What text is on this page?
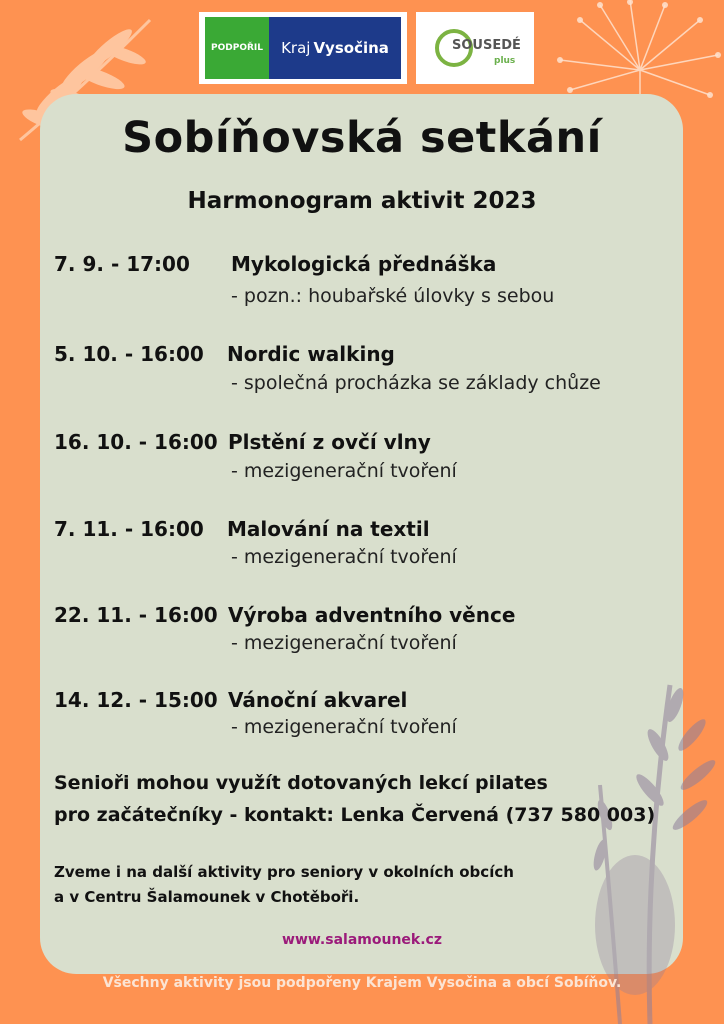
PODPOŘIL	Kraj Vysočina	SOUSEDÉ
plus
Sobíňovská setkání
Harmonogram aktivit 2023
7. 9. - 17:00 Mykologická přednáška
- pozn.: houbařské úlovky s sebou
5. 10. - 16:00 Nordic walking
- společná procházka se základy chůze
16. 10. - 16:00 Plstění z ovčí vlny
- mezigenerační tvoření
7. 11. - 16:00 Malování na textil
- mezigenerační tvoření
22. 11. - 16:00 Výroba adventního věnce
- mezigenerační tvoření
14. 12. - 15:00 Vánoční akvarel
- mezigenerační tvoření
Senioři mohou využít dotovaných lekcí pilates
pro začátečníky - kontakt: Lenka Červená (737 580 003)
Zveme i na další aktivity pro seniory v okolních obcích
a v Centru Šalamounek v Chotěboři.
www.salamounek.cz
Všechny aktivity jsou podpořeny Krajem Vysočina a obcí Sobíňov.
